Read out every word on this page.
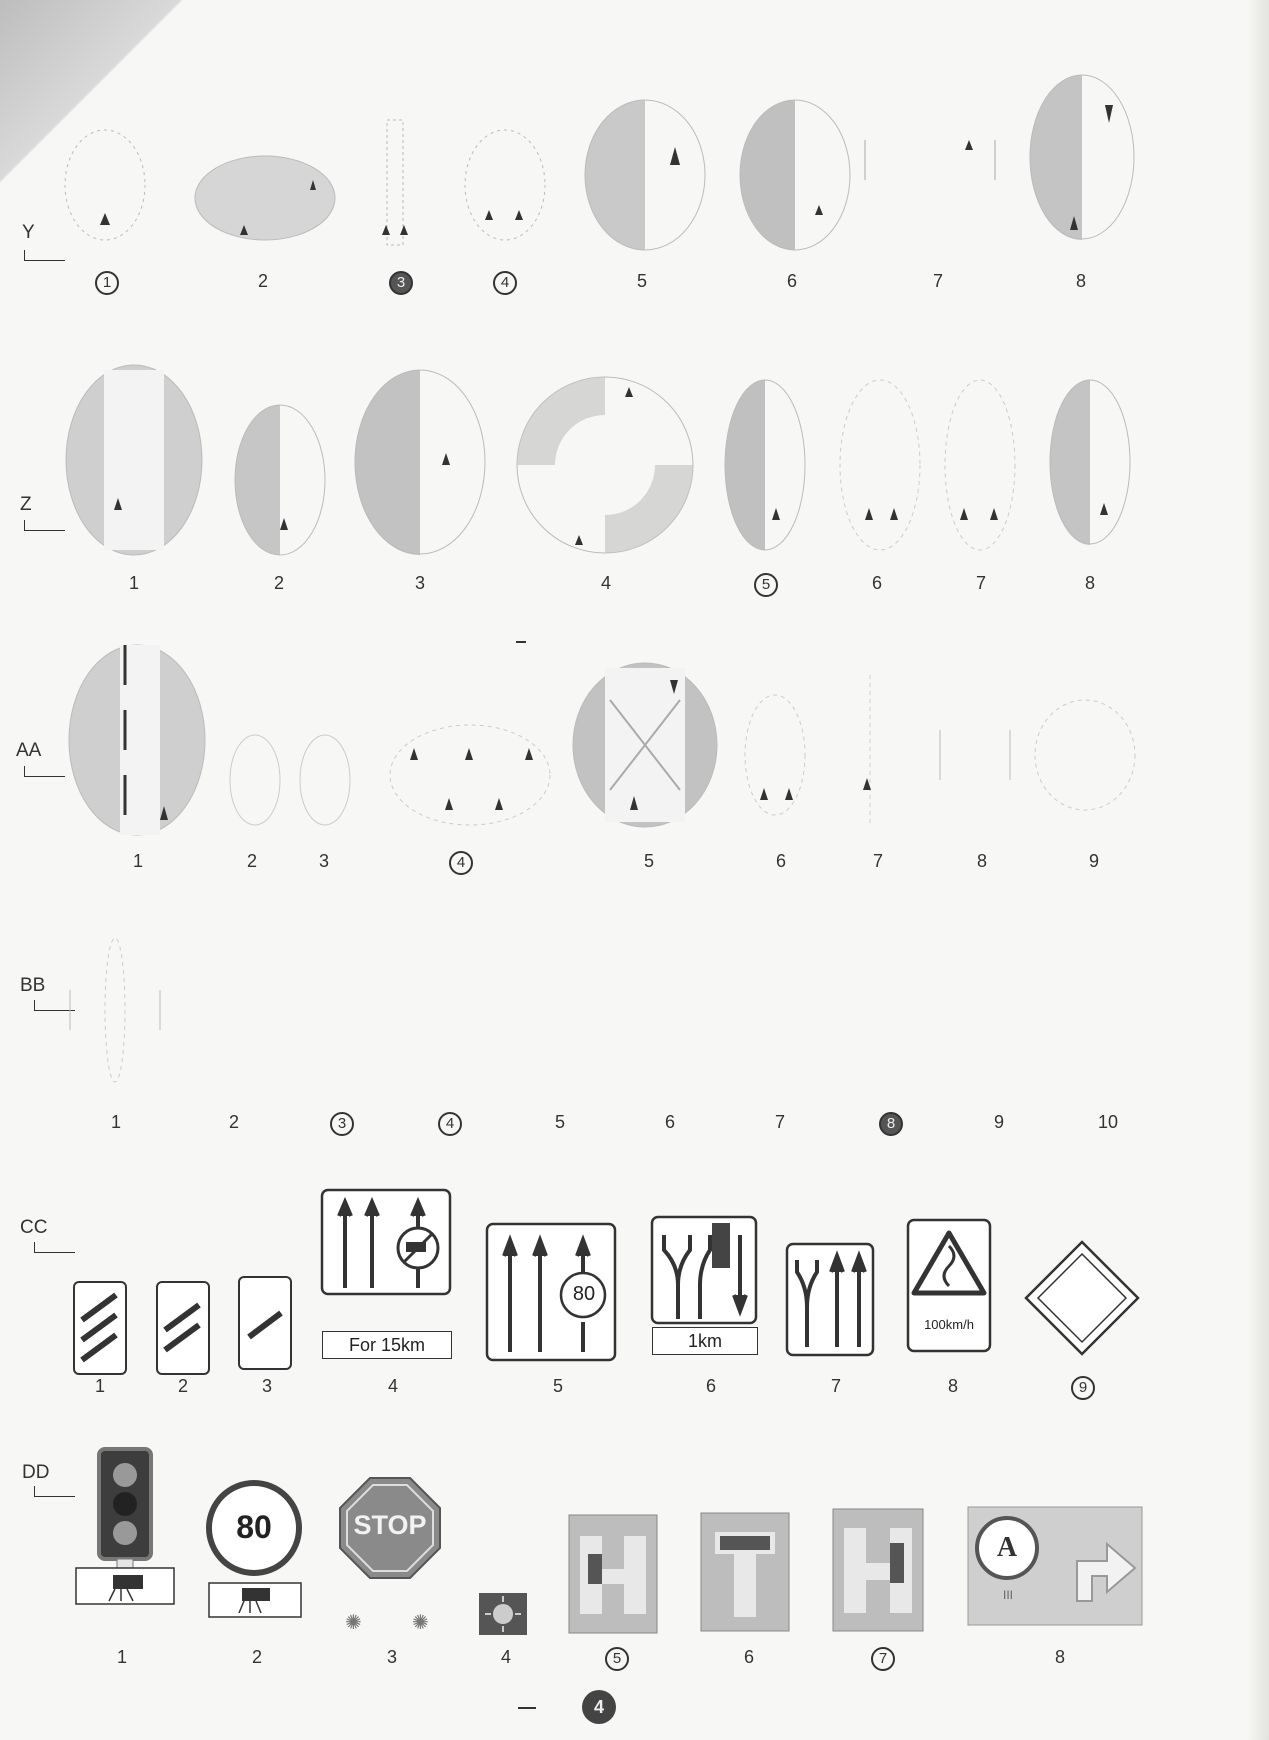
Y
Z
AA
BB
CC
DD
1	2	3	4	5	6	7	8
1	2	3	4	5	6	7	8
1	2	3	4	5	6	7	8	9
1	2	3	4	5	6	7	8	9	10
1	2	3	4	5	6	7	8	9
1	2	3	4	5	6	7	8
For 15km
80
1km
100km/h
80	STOP
✺	✺
A
III
4
